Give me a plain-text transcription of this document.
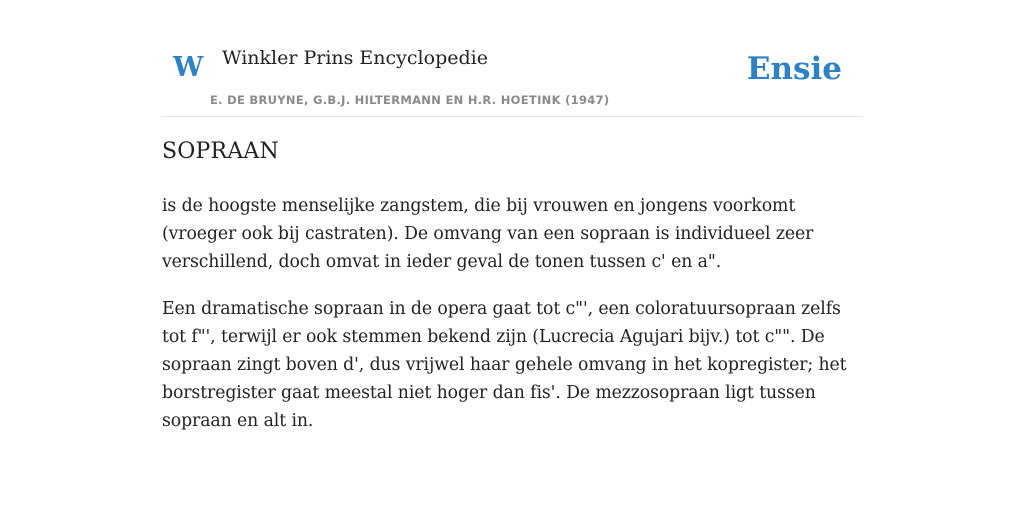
W Winkler Prins Encyclopedie
E. DE BRUYNE, G.B.J. HILTERMANN EN H.R. HOETINK (1947)
Ensie
SOPRAAN

is de hoogste menselijke zangstem, die bij vrouwen en jongens voorkomt (vroeger ook bij castraten). De omvang van een sopraan is individueel zeer verschillend, doch omvat in ieder geval de tonen tussen c' en a".

Een dramatische sopraan in de opera gaat tot c"', een coloratuursopraan zelfs tot f"', terwijl er ook stemmen bekend zijn (Lucrecia Agujari bijv.) tot c"". De sopraan zingt boven d', dus vrijwel haar gehele omvang in het kopregister; het borstregister gaat meestal niet hoger dan fis'. De mezzosopraan ligt tussen sopraan en alt in.
